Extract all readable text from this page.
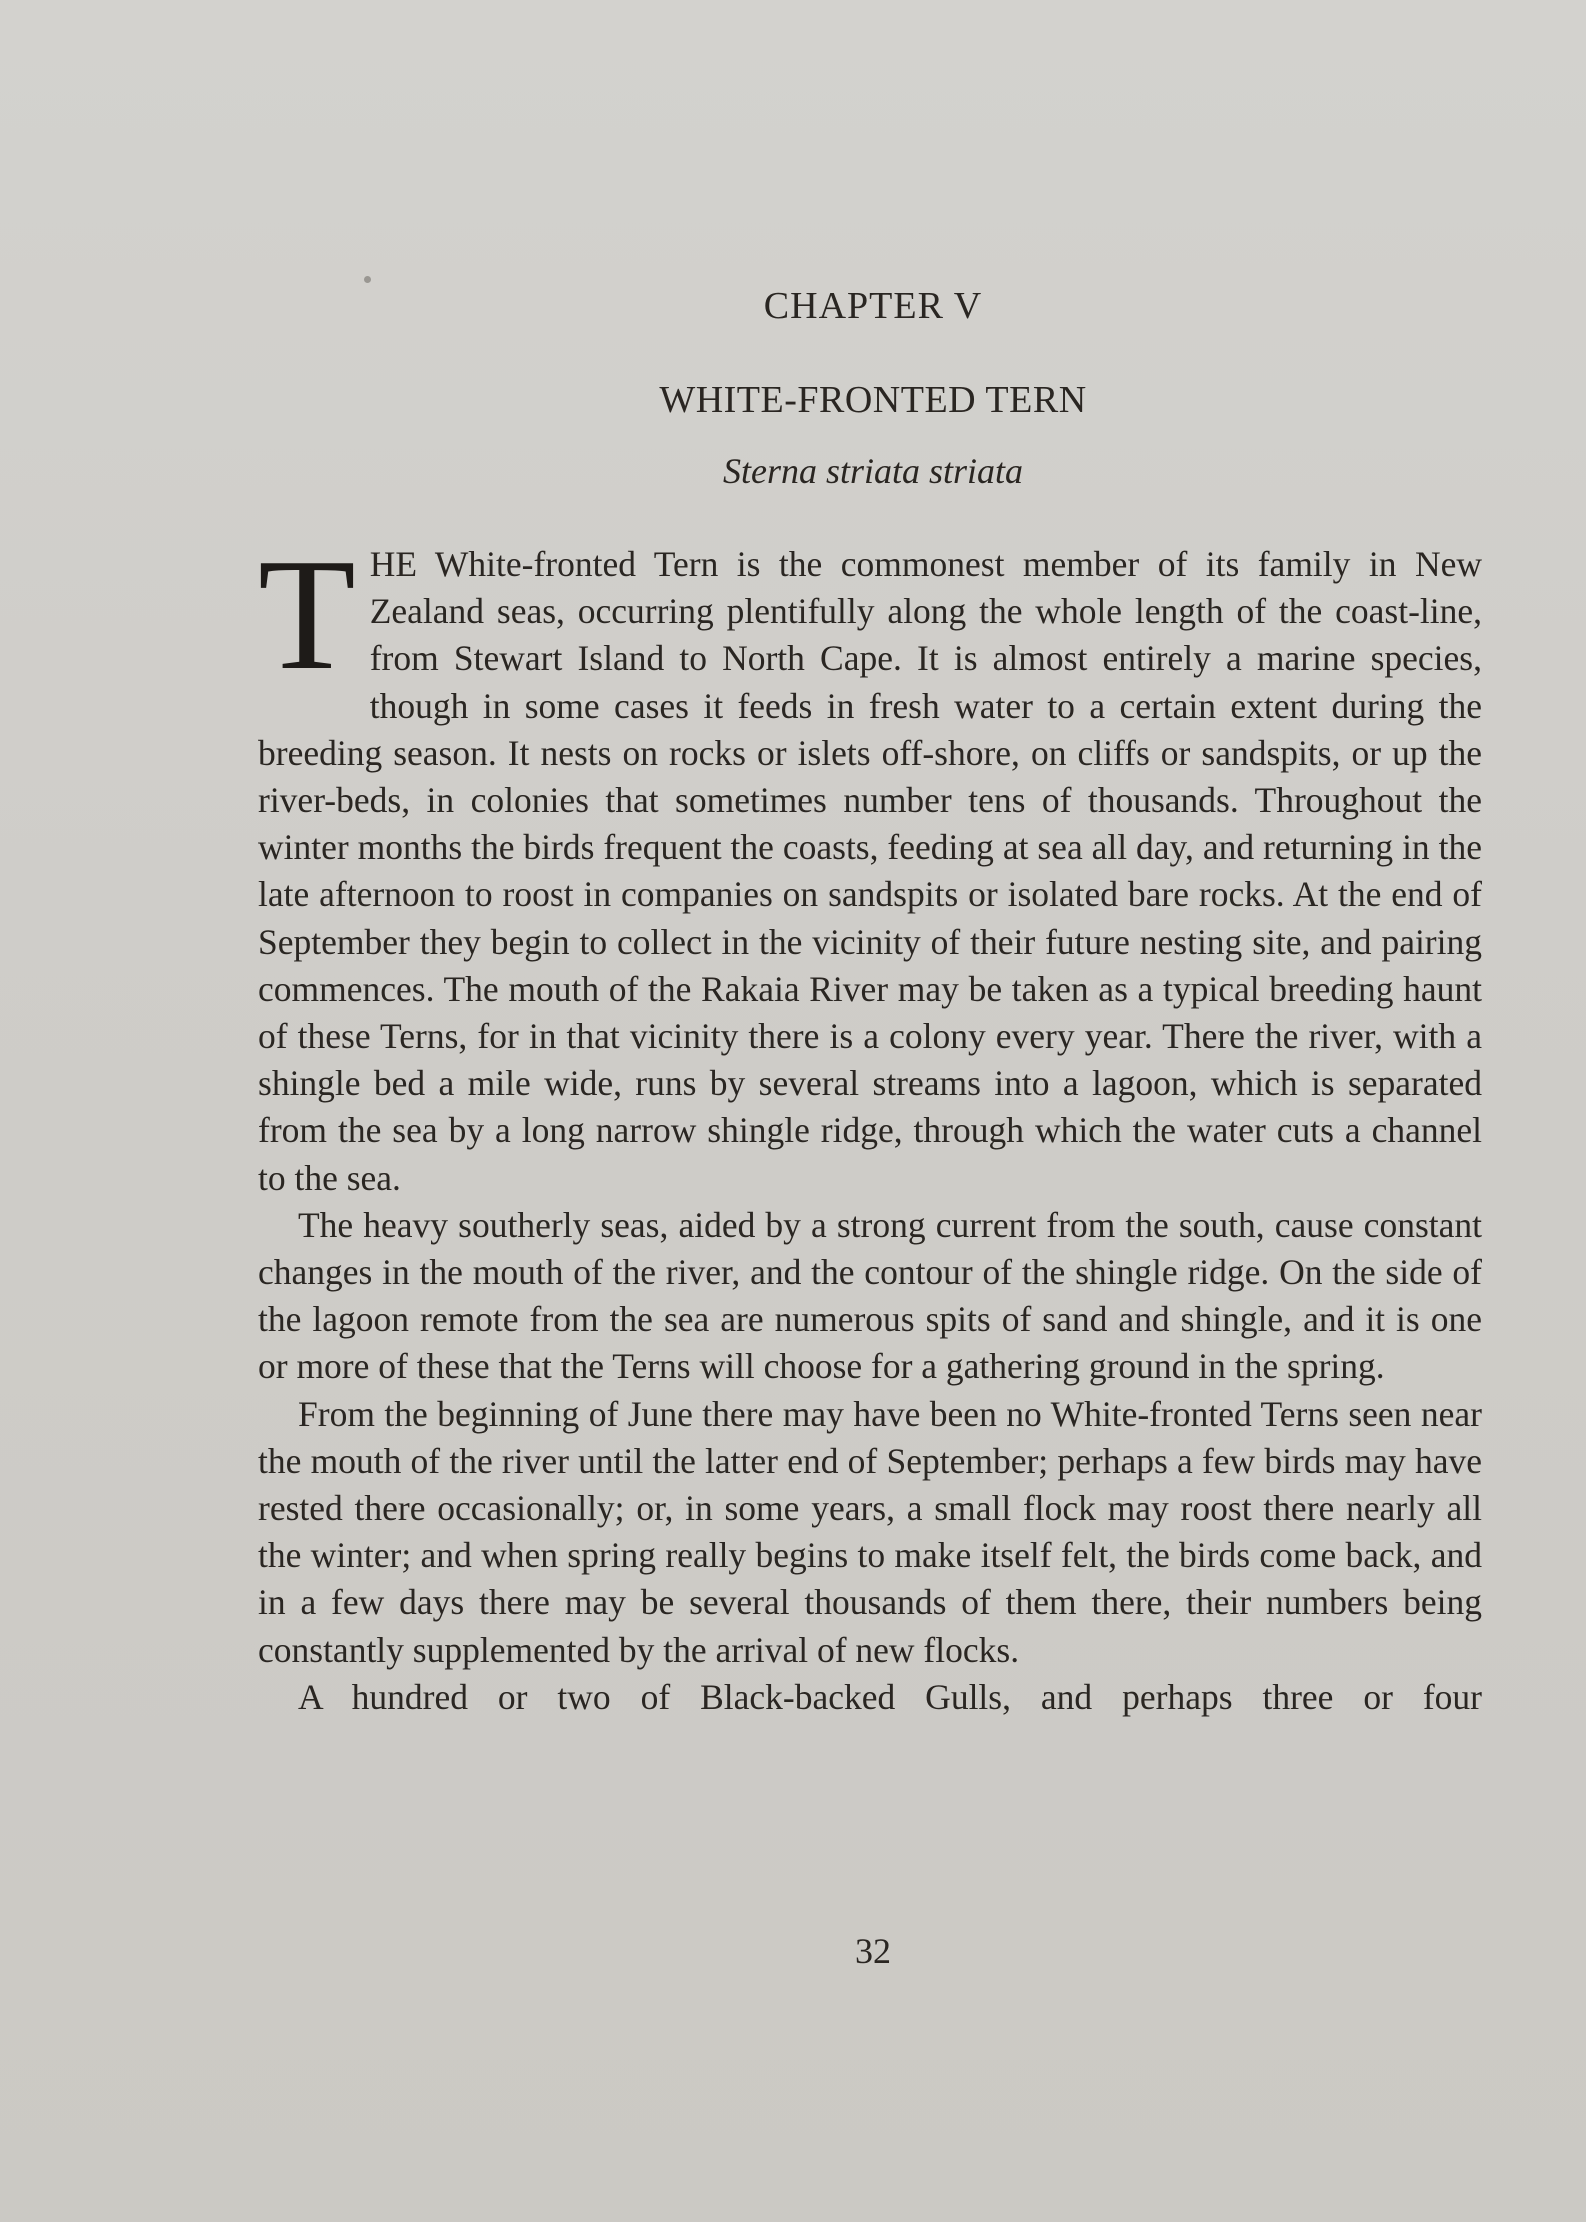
CHAPTER V
WHITE-FRONTED TERN
Sterna striata striata

THE White-fronted Tern is the commonest member of its family in New Zealand seas, occurring plentifully along the whole length of the coast-line, from Stewart Island to North Cape. It is almost entirely a marine species, though in some cases it feeds in fresh water to a certain extent during the breeding season. It nests on rocks or islets off-shore, on cliffs or sandspits, or up the river-beds, in colonies that sometimes number tens of thousands. Throughout the winter months the birds frequent the coasts, feeding at sea all day, and returning in the late afternoon to roost in companies on sandspits or isolated bare rocks. At the end of September they begin to collect in the vicinity of their future nesting site, and pairing commences. The mouth of the Rakaia River may be taken as a typical breeding haunt of these Terns, for in that vicinity there is a colony every year. There the river, with a shingle bed a mile wide, runs by several streams into a lagoon, which is separated from the sea by a long narrow shingle ridge, through which the water cuts a channel to the sea.

The heavy southerly seas, aided by a strong current from the south, cause constant changes in the mouth of the river, and the contour of the shingle ridge. On the side of the lagoon remote from the sea are numerous spits of sand and shingle, and it is one or more of these that the Terns will choose for a gathering ground in the spring.

From the beginning of June there may have been no White-fronted Terns seen near the mouth of the river until the latter end of September; perhaps a few birds may have rested there occasionally; or, in some years, a small flock may roost there nearly all the winter; and when spring really begins to make itself felt, the birds come back, and in a few days there may be several thousands of them there, their numbers being constantly supplemented by the arrival of new flocks.

A hundred or two of Black-backed Gulls, and perhaps three or four

32
